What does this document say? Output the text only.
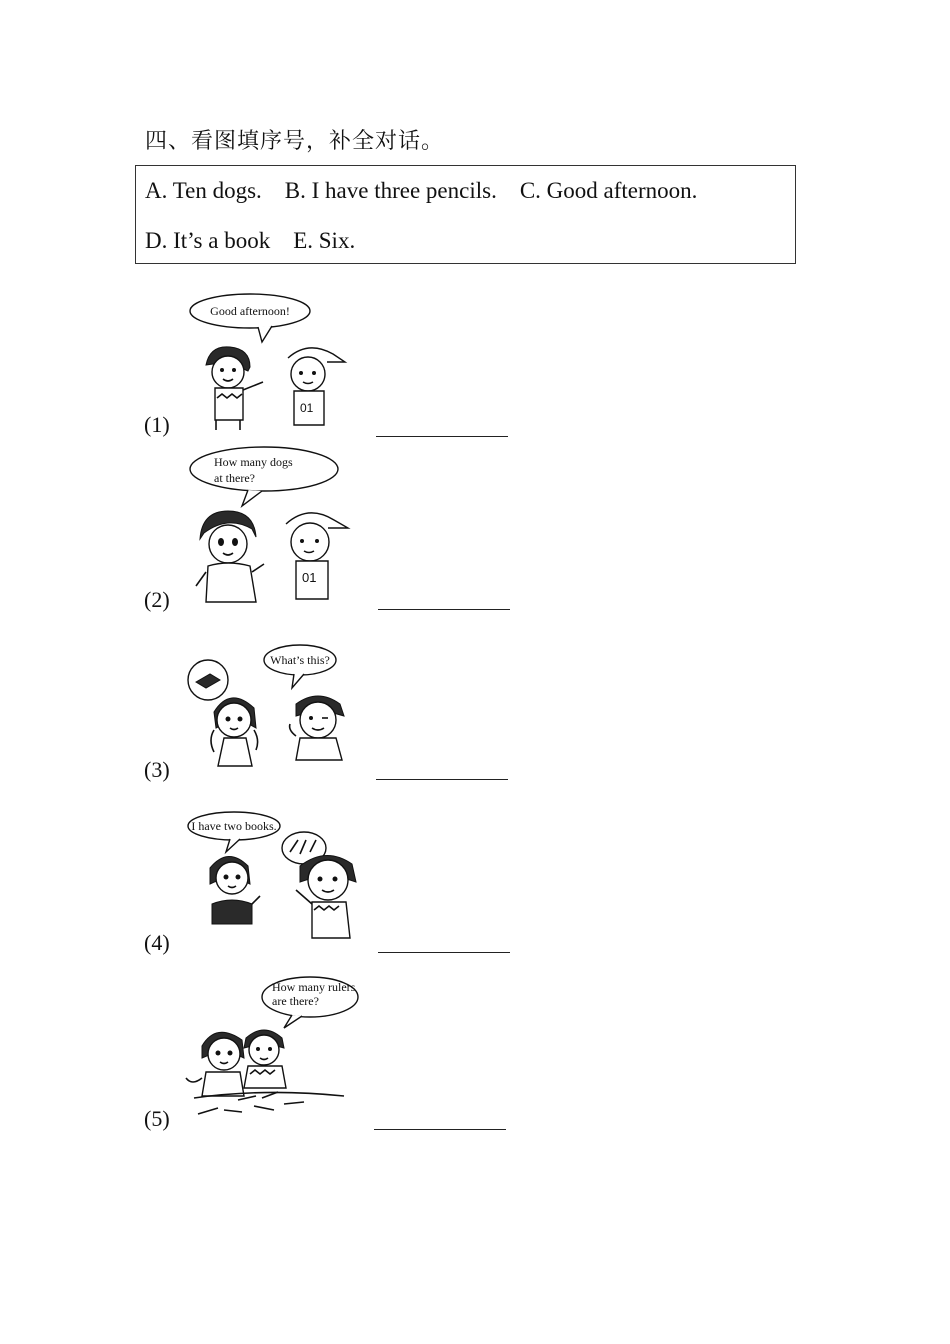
四、看图填序号，补全对话。
A. Ten dogs.    B. I have three pencils.    C. Good afternoon.
D. It’s a book    E. Six.
(1)
Good afternoon!
01
(2)
How many dogs
at there?
01
(3)
What’s this?
(4)
I have two books.
(5)
How many rulers
are there?
